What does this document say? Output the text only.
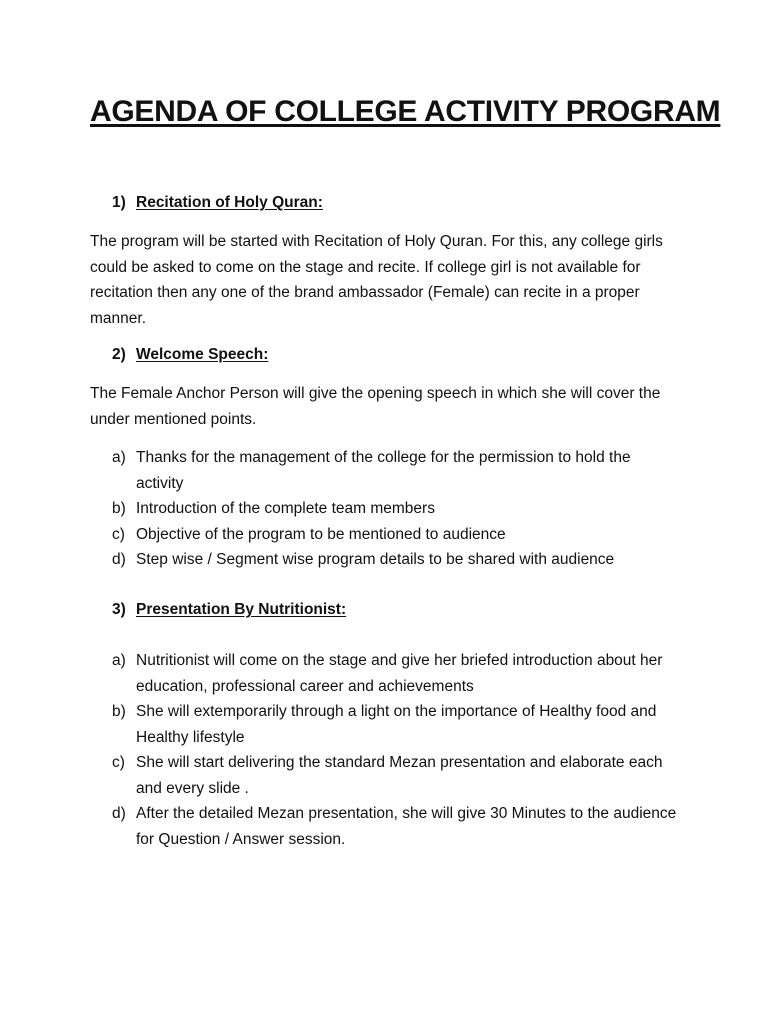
AGENDA OF COLLEGE ACTIVITY PROGRAM
1) Recitation of Holy Quran:

The program will be started with Recitation of Holy Quran. For this, any college girls could be asked to come on the stage and recite. If college girl is not available for recitation then any one of the brand ambassador (Female) can recite in a proper manner.

2) Welcome Speech:

The Female Anchor Person will give the opening speech in which she will cover the under mentioned points.

a) Thanks for the management of the college for the permission to hold the activity
b) Introduction of the complete team members
c) Objective of the program to be mentioned to audience
d) Step wise / Segment wise program details to be shared with audience
3) Presentation By Nutritionist:
a) Nutritionist will come on the stage and give her briefed introduction about her education, professional career and achievements
b) She will extemporarily through a light on the importance of Healthy food and Healthy lifestyle
c) She will start delivering the standard Mezan presentation and elaborate each and every slide .
d) After the detailed Mezan presentation, she will give 30 Minutes to the audience for Question / Answer session.
